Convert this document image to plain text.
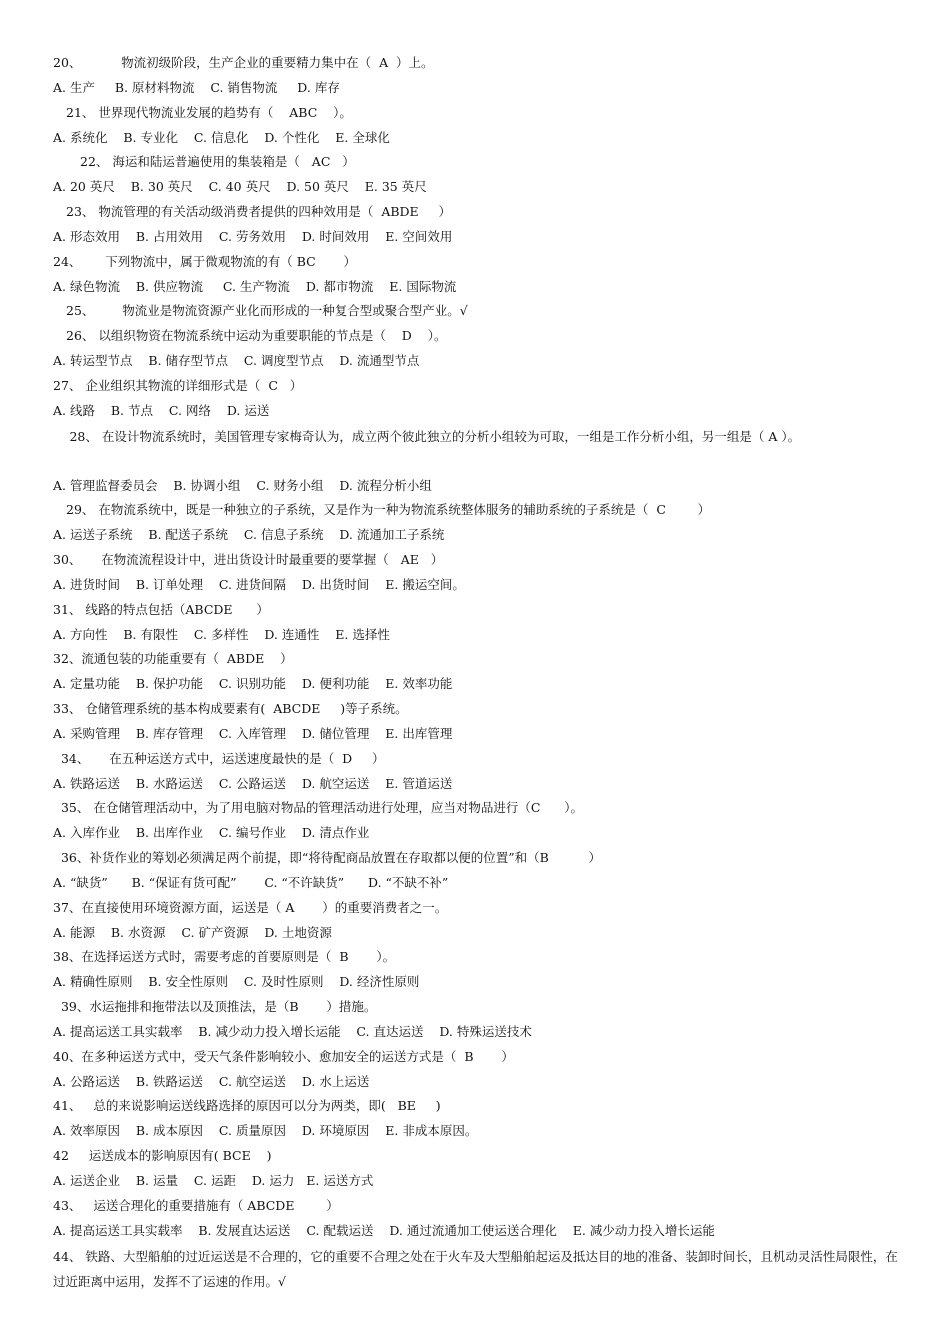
20、          物流初级阶段，生产企业的重要精力集中在（  A  ）上。
A. 生产     B. 原材料物流    C. 销售物流     D. 库存
21、 世界现代物流业发展的趋势有（    ABC    ）。
A. 系统化    B. 专业化    C. 信息化    D. 个性化    E. 全球化
22、 海运和陆运普遍使用的集装箱是（   AC   ）
A. 20 英尺    B. 30 英尺    C. 40 英尺    D. 50 英尺    E. 35 英尺
23、 物流管理的有关活动级消费者提供的四种效用是（  ABDE     ）
A. 形态效用    B. 占用效用    C. 劳务效用    D. 时间效用    E. 空间效用
24、      下列物流中，属于微观物流的有（ BC       ）
A. 绿色物流    B. 供应物流     C. 生产物流    D. 都市物流    E. 国际物流
25、       物流业是物流资源产业化而形成的一种复合型或聚合型产业。√
26、 以组织物资在物流系统中运动为重要职能的节点是（    D    ）。
A. 转运型节点    B. 储存型节点    C. 调度型节点    D. 流通型节点
27、 企业组织其物流的详细形式是（  C   ）
A. 线路    B. 节点    C. 网络    D. 运送
　 28、 在设计物流系统时，美国管理专家梅奇认为，成立两个彼此独立的分析小组较为可取，一组是工作分析小组，另一组是（ A ）。
A. 管理监督委员会    B. 协调小组    C. 财务小组    D. 流程分析小组
29、 在物流系统中，既是一种独立的子系统，又是作为一种为物流系统整体服务的辅助系统的子系统是（  C        ）
A. 运送子系统    B. 配送子系统    C. 信息子系统    D. 流通加工子系统
30、     在物流流程设计中，进出货设计时最重要的要掌握（   AE   ）
A. 进货时间    B. 订单处理    C. 进货间隔    D. 出货时间    E. 搬运空间。
31、 线路的特点包括（ABCDE      ）
A. 方向性    B. 有限性    C. 多样性    D. 连通性    E. 选择性
32、流通包装的功能重要有（  ABDE    ）
A. 定量功能    B. 保护功能    C. 识别功能    D. 便利功能    E. 效率功能
33、 仓储管理系统的基本构成要素有(  ABCDE     )等子系统。
A. 采购管理    B. 库存管理    C. 入库管理    D. 储位管理    E. 出库管理
34、     在五种运送方式中，运送速度最快的是（  D     ）
A. 铁路运送    B. 水路运送    C. 公路运送    D. 航空运送    E. 管道运送
35、 在仓储管理活动中，为了用电脑对物品的管理活动进行处理，应当对物品进行（C      ）。
A. 入库作业    B. 出库作业    C. 编号作业    D. 清点作业
36、补货作业的筹划必须满足两个前提，即“将待配商品放置在存取都以便的位置”和（B          ）
A. “缺货”      B. “保证有货可配”       C. “不许缺货”      D. “不缺不补”
37、在直接使用环境资源方面，运送是（ A       ）的重要消费者之一。
A. 能源    B. 水资源    C. 矿产资源    D. 土地资源
38、在选择运送方式时，需要考虑的首要原则是（  B       ）。
A. 精确性原则    B. 安全性原则    C. 及时性原则    D. 经济性原则
39、水运拖排和拖带法以及顶推法，是（B       ）措施。
A. 提高运送工具实载率    B. 减少动力投入增长运能    C. 直达运送    D. 特殊运送技术
40、在多种运送方式中，受天气条件影响较小、愈加安全的运送方式是（  B       ）
A. 公路运送    B. 铁路运送    C. 航空运送    D. 水上运送
41、   总的来说影响运送线路选择的原因可以分为两类，即(   BE     )
A. 效率原因    B. 成本原因    C. 质量原因    D. 环境原因    E. 非成本原因。
42     运送成本的影响原因有( BCE    )
A. 运送企业    B. 运量    C. 运距    D. 运力   E. 运送方式
43、   运送合理化的重要措施有（ ABCDE        ）
A. 提高运送工具实载率    B. 发展直达运送    C. 配载运送    D. 通过流通加工使运送合理化    E. 减少动力投入增长运能
44、 铁路、大型船舶的过近运送是不合理的，它的重要不合理之处在于火车及大型船舶起运及抵达目的地的准备、装卸时间长，且机动灵活性局限性，在过近距离中运用，发挥不了运速的作用。√
